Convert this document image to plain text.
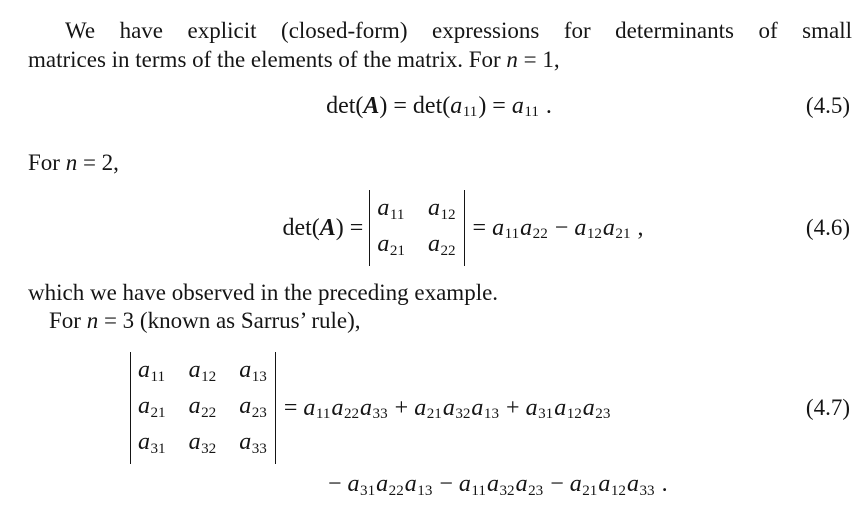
We have explicit (closed-form) expressions for determinants of small
matrices in terms of the elements of the matrix. For n = 1,
det(A) = det(a11) = a11 .	(4.5)
For n = 2,
det(A) =
a11 a12
a21 a22
= a11a22 − a12a21 ,	(4.6)
which we have observed in the preceding example.
For n = 3 (known as Sarrus’ rule),
a11 a12 a13
a21 a22 a23
a31 a32 a33
= a11a22a33 + a21a32a13 + a31a12a23	(4.7)
− a31a22a13 − a11a32a23 − a21a12a33 .
